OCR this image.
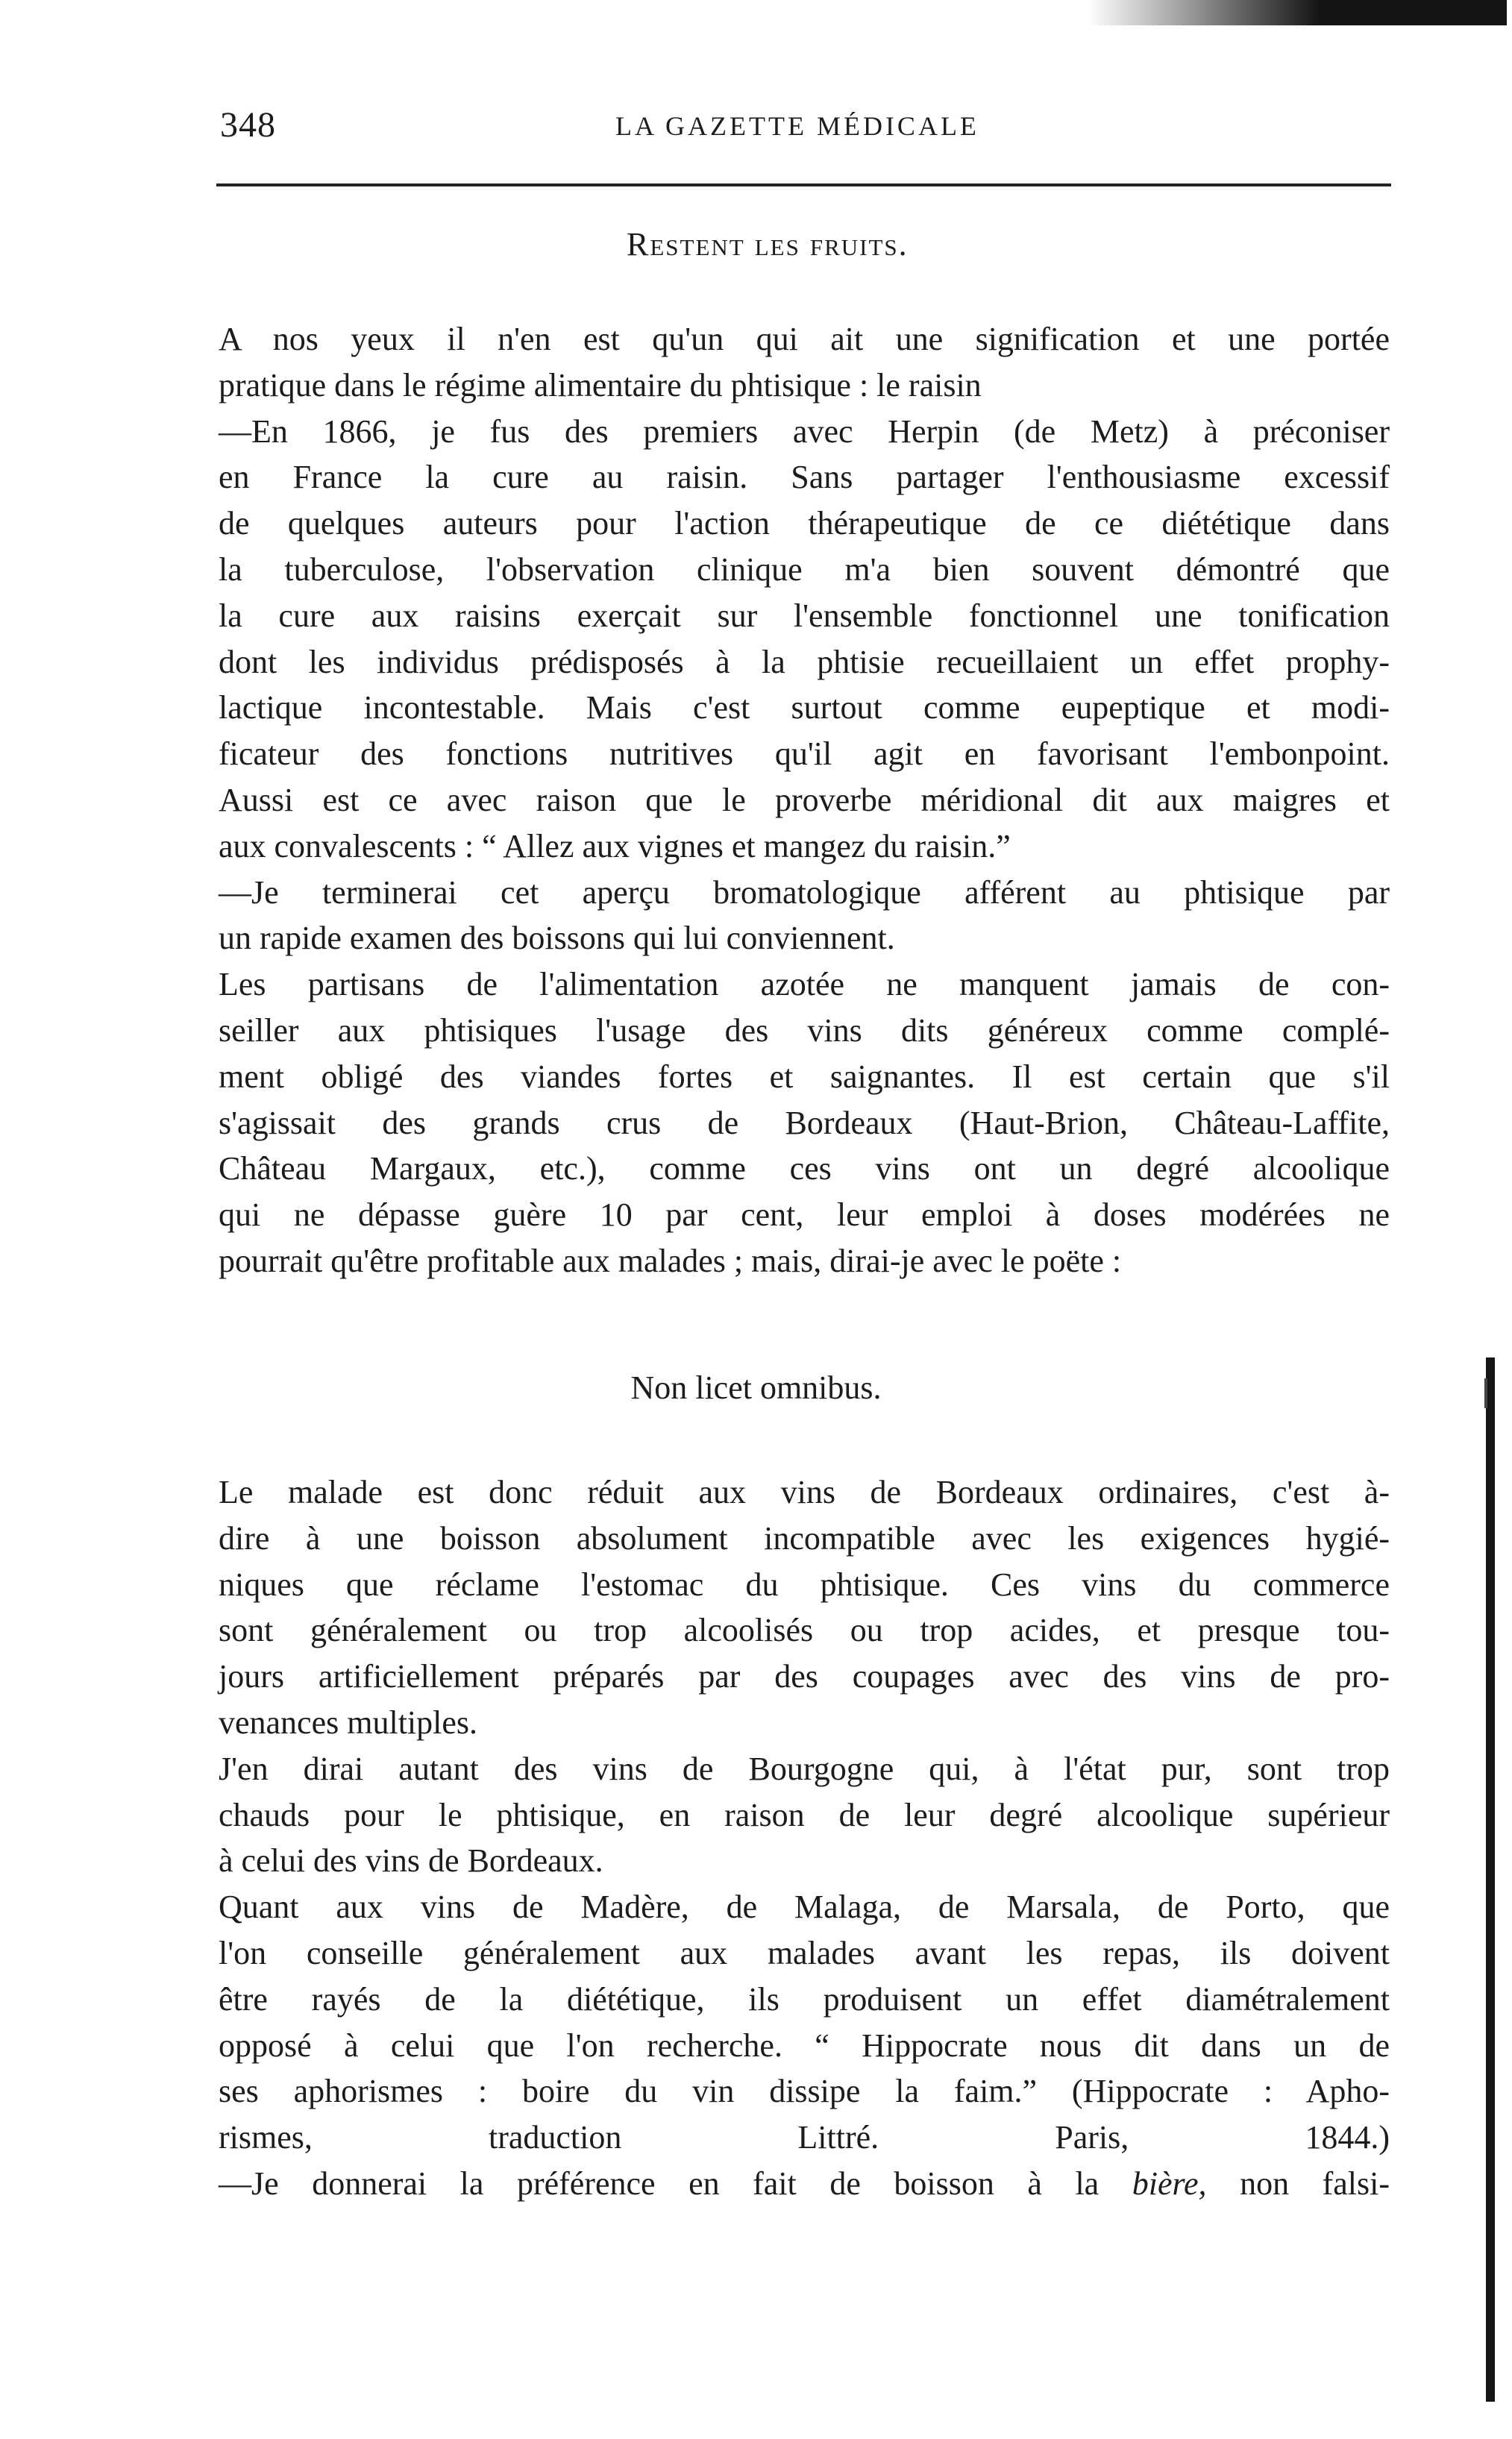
348	LA GAZETTE MÉDICALE
Restent les fruits.
A nos yeux il n'en est qu'un qui ait une signification et une portée
pratique dans le régime alimentaire du phtisique : le raisin
—En 1866, je fus des premiers avec Herpin (de Metz) à préconiser
en France la cure au raisin. Sans partager l'enthousiasme excessif
de quelques auteurs pour l'action thérapeutique de ce diététique dans
la tuberculose, l'observation clinique m'a bien souvent démontré que
la cure aux raisins exerçait sur l'ensemble fonctionnel une tonification
dont les individus prédisposés à la phtisie recueillaient un effet prophy-
lactique incontestable. Mais c'est surtout comme eupeptique et modi-
ficateur des fonctions nutritives qu'il agit en favorisant l'embonpoint.
Aussi est ce avec raison que le proverbe méridional dit aux maigres et
aux convalescents : “ Allez aux vignes et mangez du raisin.”
—Je terminerai cet aperçu bromatologique afférent au phtisique par
un rapide examen des boissons qui lui conviennent.
Les partisans de l'alimentation azotée ne manquent jamais de con-
seiller aux phtisiques l'usage des vins dits généreux comme complé-
ment obligé des viandes fortes et saignantes. Il est certain que s'il
s'agissait des grands crus de Bordeaux (Haut-Brion, Château-Laffite,
Château Margaux, etc.), comme ces vins ont un degré alcoolique
qui ne dépasse guère 10 par cent, leur emploi à doses modérées ne
pourrait qu'être profitable aux malades ; mais, dirai-je avec le poëte :
Non licet omnibus.
Le malade est donc réduit aux vins de Bordeaux ordinaires, c'est à-
dire à une boisson absolument incompatible avec les exigences hygié-
niques que réclame l'estomac du phtisique. Ces vins du commerce
sont généralement ou trop alcoolisés ou trop acides, et presque tou-
jours artificiellement préparés par des coupages avec des vins de pro-
venances multiples.
J'en dirai autant des vins de Bourgogne qui, à l'état pur, sont trop
chauds pour le phtisique, en raison de leur degré alcoolique supérieur
à celui des vins de Bordeaux.
Quant aux vins de Madère, de Malaga, de Marsala, de Porto, que
l'on conseille généralement aux malades avant les repas, ils doivent
être rayés de la diététique, ils produisent un effet diamétralement
opposé à celui que l'on recherche. “ Hippocrate nous dit dans un de
ses aphorismes : boire du vin dissipe la faim.” (Hippocrate : Apho-
rismes, traduction Littré. Paris, 1844.)
—Je donnerai la préférence en fait de boisson à la bière, non falsi-
